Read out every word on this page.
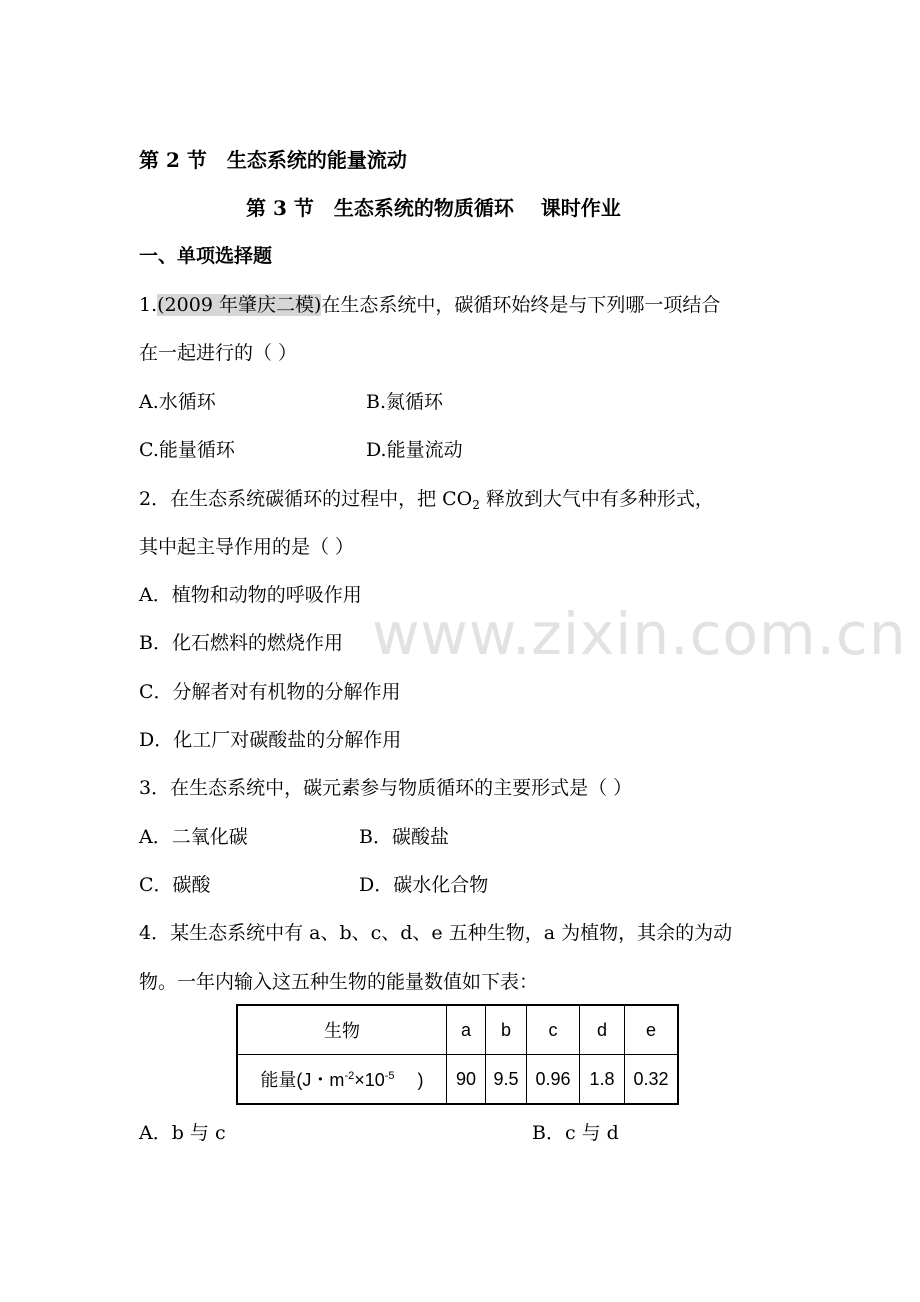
www.zixin.com.cn
第 2 节　生态系统的能量流动
第 3 节　生态系统的物质循环　 课时作业
一、单项选择题
1.(2009 年肇庆二模)在生态系统中，碳循环始终是与下列哪一项结合
在一起进行的（ ）
A.水循环	B.氮循环
C.能量循环	D.能量流动
2．在生态系统碳循环的过程中，把 $CO_2$ 释放到大气中有多种形式，
其中起主导作用的是（ ）
A．植物和动物的呼吸作用
B．化石燃料的燃烧作用
C．分解者对有机物的分解作用
D．化工厂对碳酸盐的分解作用
3．在生态系统中，碳元素参与物质循环的主要形式是（ ）
A．二氧化碳	B．碳酸盐
C．碳酸	D．碳水化合物
4．某生态系统中有 a、b、c、d、e 五种生物，a 为植物，其余的为动
物。一年内输入这五种生物的能量数值如下表：
生物	a	b	c	d	e
能量(J・$m^{-2}\times 10^{-5}$　 )	90	9.5	0.96	1.8	0.32
A．b 与 c	B．c 与 d
